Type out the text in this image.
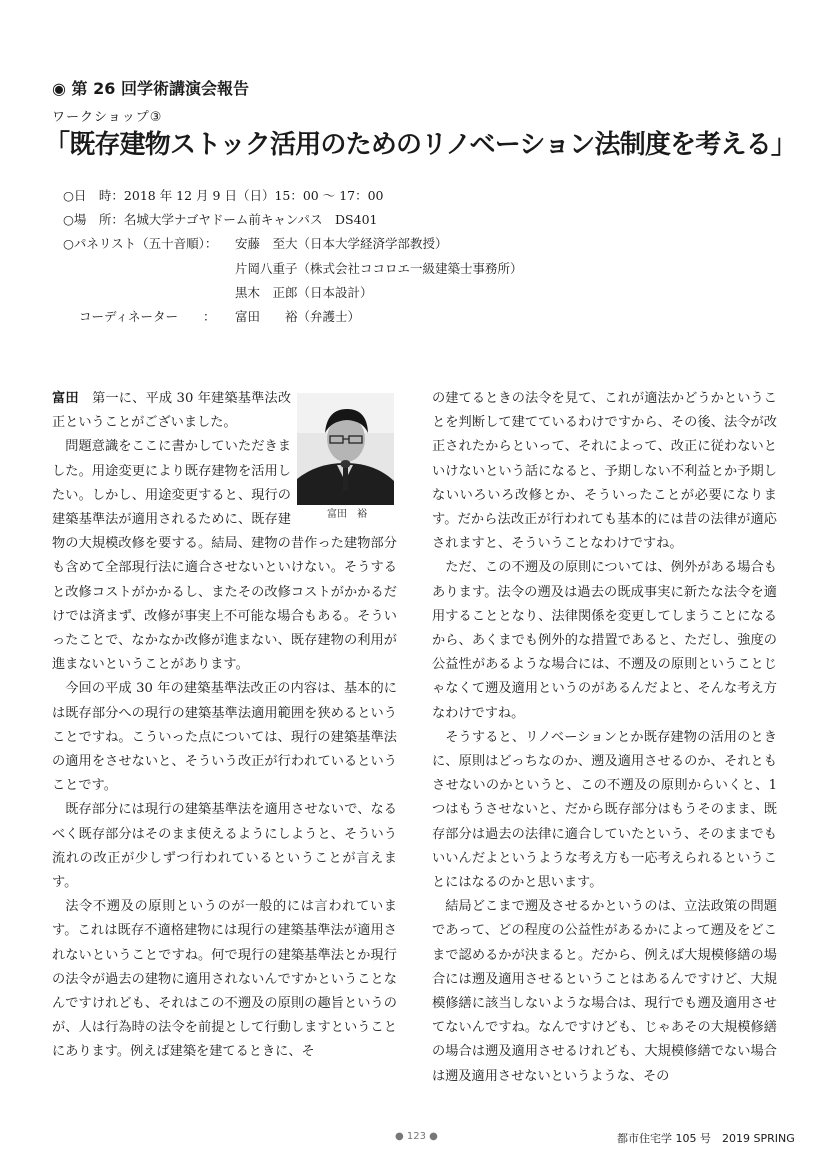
◉ 第 26 回学術講演会報告
ワークショップ③
「既存建物ストック活用のためのリノベーション法制度を考える」
○日　時：2018 年 12 月 9 日（日）15：00 〜 17：00
○場　所：名城大学ナゴヤドーム前キャンパス　DS401
○パネリスト（五十音順）： 安藤　至大（日本大学経済学部教授）
片岡八重子（株式会社ココロエ一級建築士事務所）
黒木　正郎（日本設計）
コーディネーター　　： 富田　　裕（弁護士）
富田　裕

富田　第一に、平成 30 年建築基準法改正ということがございました。

問題意識をここに書かしていただきました。用途変更により既存建物を活用したい。しかし、用途変更すると、現行の建築基準法が適用されるために、既存建物の大規模改修を要する。結局、建物の昔作った建物部分も含めて全部現行法に適合させないといけない。そうすると改修コストがかかるし、またその改修コストがかかるだけでは済まず、改修が事実上不可能な場合もある。そういったことで、なかなか改修が進まない、既存建物の利用が進まないということがあります。

今回の平成 30 年の建築基準法改正の内容は、基本的には既存部分への現行の建築基準法適用範囲を狭めるということですね。こういった点については、現行の建築基準法の適用をさせないと、そういう改正が行われているということです。

既存部分には現行の建築基準法を適用させないで、なるべく既存部分はそのまま使えるようにしようと、そういう流れの改正が少しずつ行われているということが言えます。

法令不遡及の原則というのが一般的には言われています。これは既存不適格建物には現行の建築基準法が適用されないということですね。何で現行の建築基準法とか現行の法令が過去の建物に適用されないんですかということなんですけれども、それはこの不遡及の原則の趣旨というのが、人は行為時の法令を前提として行動しますということにあります。例えば建築を建てるときに、そ

の建てるときの法令を見て、これが適法かどうかということを判断して建てているわけですから、その後、法令が改正されたからといって、それによって、改正に従わないといけないという話になると、予期しない不利益とか予期しないいろいろ改修とか、そういったことが必要になります。だから法改正が行われても基本的には昔の法律が適応されますと、そういうことなわけですね。

ただ、この不遡及の原則については、例外がある場合もあります。法令の遡及は過去の既成事実に新たな法令を適用することとなり、法律関係を変更してしまうことになるから、あくまでも例外的な措置であると、ただし、強度の公益性があるような場合には、不遡及の原則ということじゃなくて遡及適用というのがあるんだよと、そんな考え方なわけですね。

そうすると、リノベーションとか既存建物の活用のときに、原則はどっちなのか、遡及適用させるのか、それともさせないのかというと、この不遡及の原則からいくと、1 つはもうさせないと、だから既存部分はもうそのまま、既存部分は過去の法律に適合していたという、そのままでもいいんだよというような考え方も一応考えられるということにはなるのかと思います。

結局どこまで遡及させるかというのは、立法政策の問題であって、どの程度の公益性があるかによって遡及をどこまで認めるかが決まると。だから、例えば大規模修繕の場合には遡及適用させるということはあるんですけど、大規模修繕に該当しないような場合は、現行でも遡及適用させてないんですね。なんですけども、じゃあその大規模修繕の場合は遡及適用させるけれども、大規模修繕でない場合は遡及適用させないというような、その

● 123 ●	都市住宅学 105 号　2019 SPRING
